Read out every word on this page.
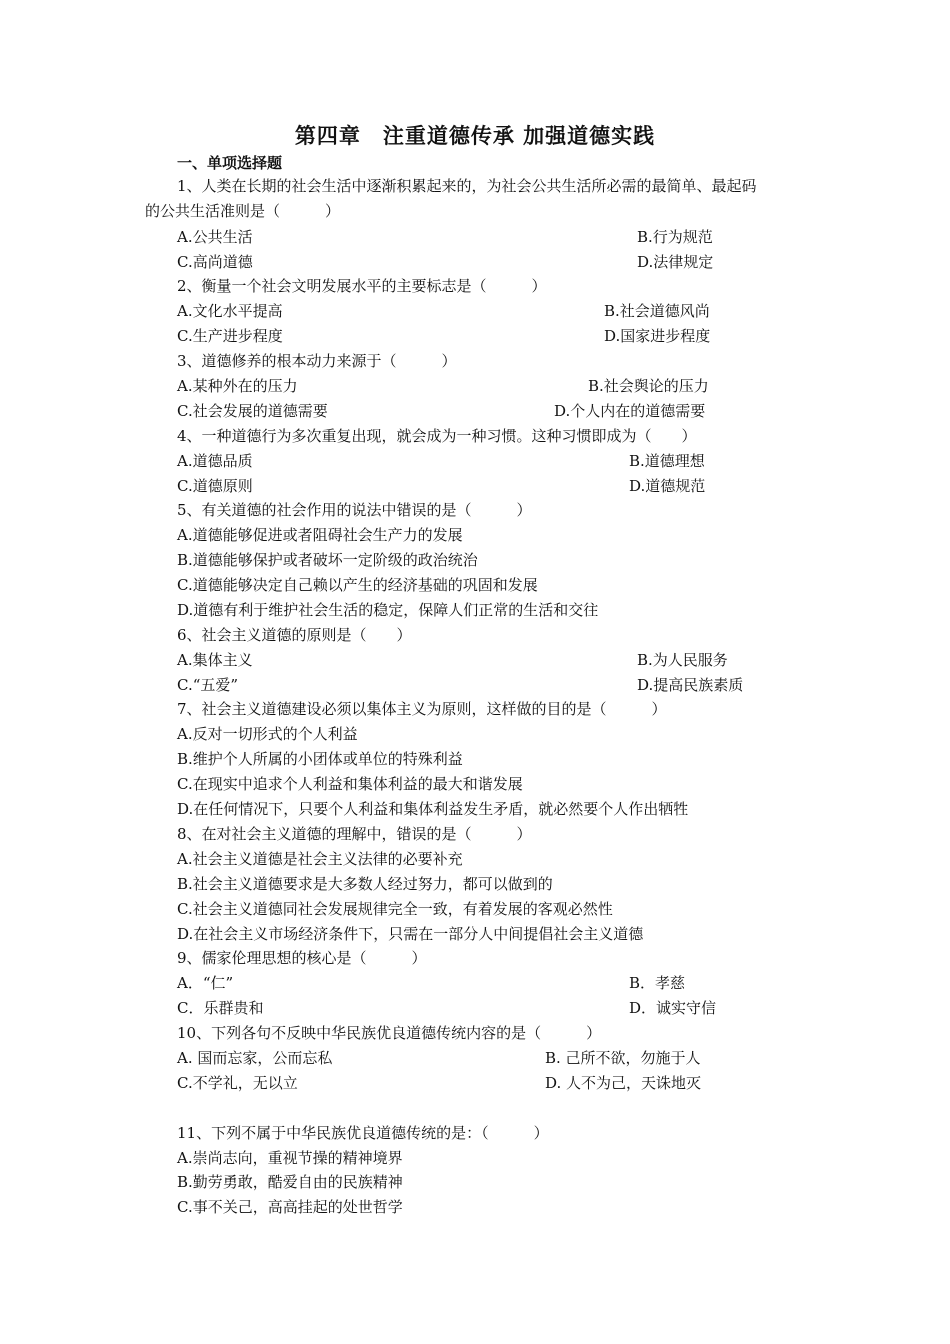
第四章　注重道德传承 加强道德实践
一、单项选择题
1、人类在长期的社会生活中逐渐积累起来的，为社会公共生活所必需的最简单、最起码
的公共生活准则是（　　　）
A.公共生活	B.行为规范
C.高尚道德	D.法律规定
2、衡量一个社会文明发展水平的主要标志是（　　　）
A.文化水平提高	B.社会道德风尚
C.生产进步程度	D.国家进步程度
3、道德修养的根本动力来源于（　　　）
A.某种外在的压力	B.社会舆论的压力
C.社会发展的道德需要	D.个人内在的道德需要
4、一种道德行为多次重复出现，就会成为一种习惯。这种习惯即成为（　　）
A.道德品质	B.道德理想
C.道德原则	D.道德规范
5、有关道德的社会作用的说法中错误的是（　　　）
A.道德能够促进或者阻碍社会生产力的发展
B.道德能够保护或者破坏一定阶级的政治统治
C.道德能够决定自己赖以产生的经济基础的巩固和发展
D.道德有利于维护社会生活的稳定，保障人们正常的生活和交往
6、社会主义道德的原则是（　　）
A.集体主义	B.为人民服务
C.“五爱”	D.提高民族素质
7、社会主义道德建设必须以集体主义为原则，这样做的目的是（　　　）
A.反对一切形式的个人利益
B.维护个人所属的小团体或单位的特殊利益
C.在现实中追求个人利益和集体利益的最大和谐发展
D.在任何情况下，只要个人利益和集体利益发生矛盾，就必然要个人作出牺牲
8、在对社会主义道德的理解中，错误的是（　　　）
A.社会主义道德是社会主义法律的必要补充
B.社会主义道德要求是大多数人经过努力，都可以做到的
C.社会主义道德同社会发展规律完全一致，有着发展的客观必然性
D.在社会主义市场经济条件下，只需在一部分人中间提倡社会主义道德
9、儒家伦理思想的核心是（　　　）
A．“仁”	B．孝慈
C．乐群贵和	D．诚实守信
10、下列各句不反映中华民族优良道德传统内容的是（　　　）
A. 国而忘家，公而忘私	B. 己所不欲，勿施于人
C.不学礼，无以立	D. 人不为己，天诛地灭
11、下列不属于中华民族优良道德传统的是：（　　　）
A.崇尚志向，重视节操的精神境界
B.勤劳勇敢，酷爱自由的民族精神
C.事不关己，高高挂起的处世哲学
